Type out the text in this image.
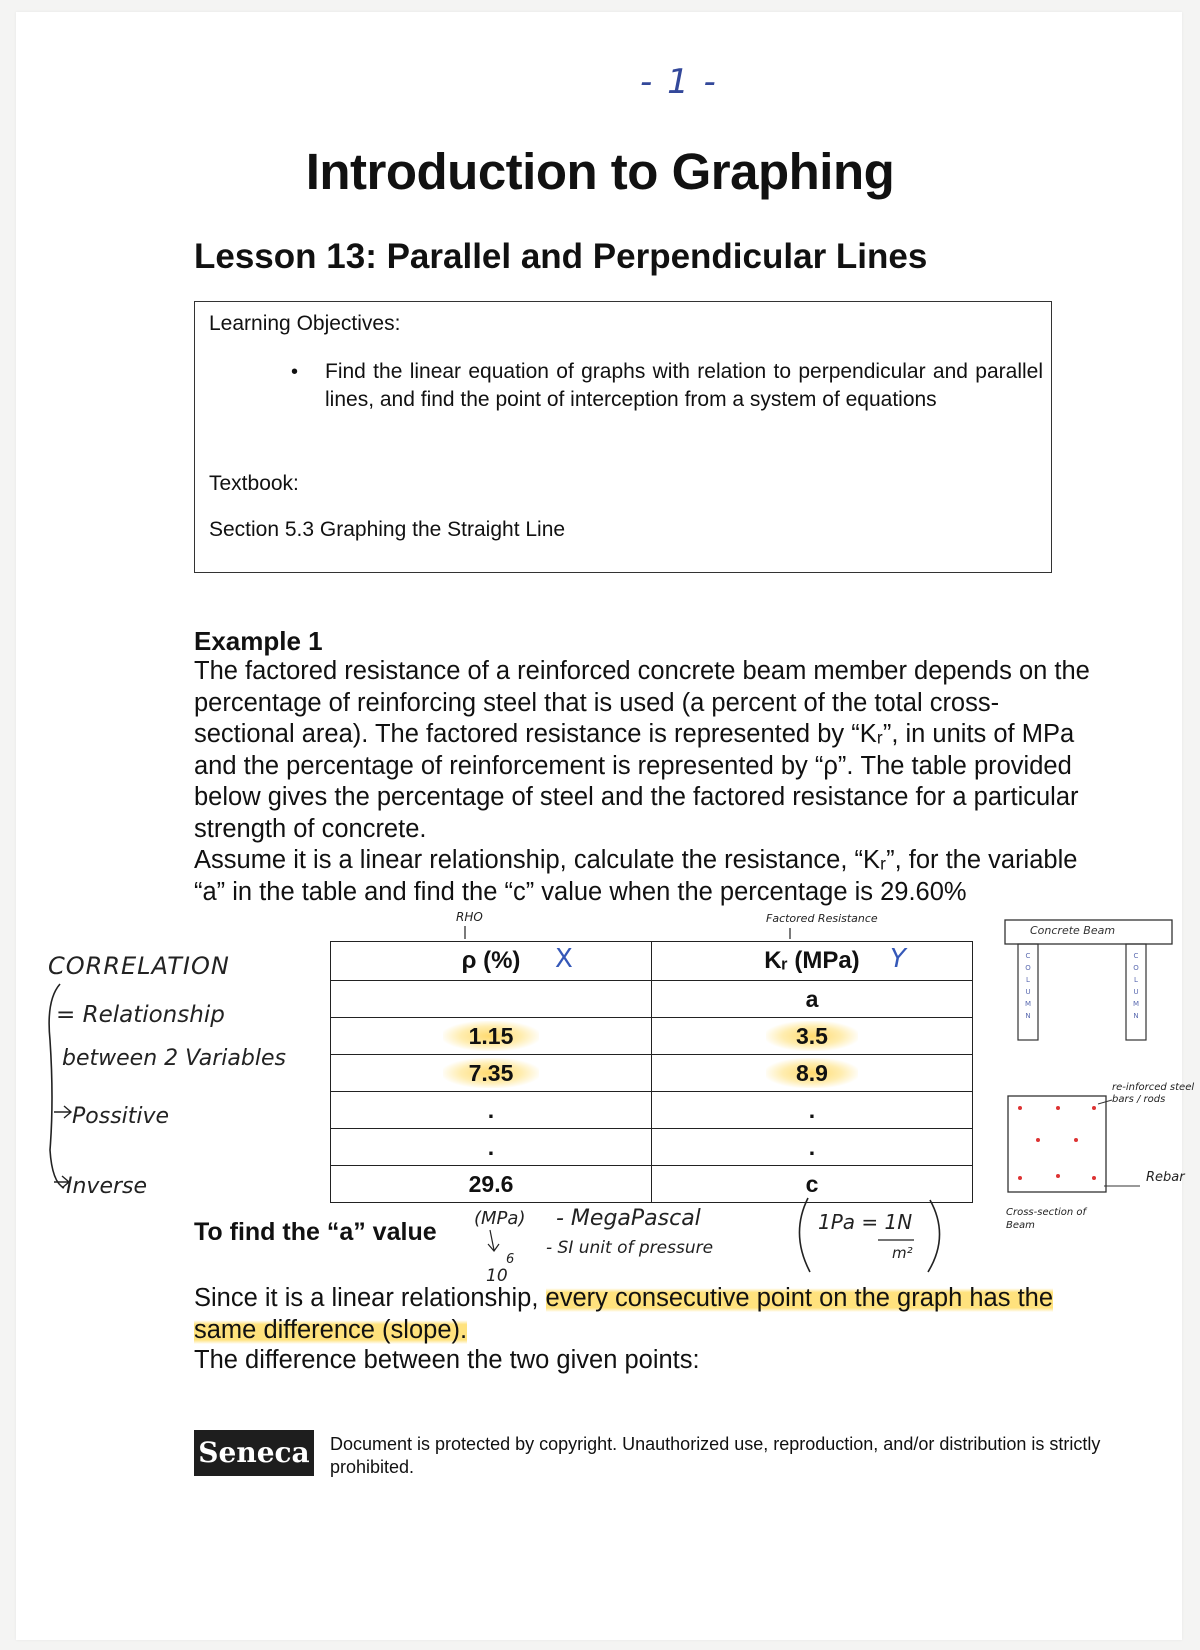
- 1 -
Introduction to Graphing
Lesson 13: Parallel and Perpendicular Lines
Learning Objectives:
• Find the linear equation of graphs with relation to perpendicular and parallel lines, and find the point of interception from a system of equations
Textbook:
Section 5.3 Graphing the Straight Line
Example 1
The factored resistance of a reinforced concrete beam member depends on the percentage of reinforcing steel that is used (a percent of the total cross-sectional area). The factored resistance is represented by “Kᵣ”, in units of MPa and the percentage of reinforcement is represented by “ρ”. The table provided below gives the percentage of steel and the factored resistance for a particular strength of concrete.
Assume it is a linear relationship, calculate the resistance, “Kᵣ”, for the variable “a” in the table and find the “c” value when the percentage is 29.60%
ρ (%)	Kᵣ (MPa)
	a
1.15	3.5
7.35	8.9
.	.
.	.
29.6	c
To find the “a” value
Since it is a linear relationship, every consecutive point on the graph has the same difference (slope).
The difference between the two given points:
Seneca Document is protected by copyright. Unauthorized use, reproduction, and/or distribution is strictly prohibited.
RHO	Factored Resistance
X	Y
CORRELATION
= Relationship
between 2 Variables
Possitive
Inverse
(MPa) - MegaPascal
- SI unit of pressure
10
6
1Pa = 1N
m²
Concrete Beam
re-inforced steel bars / rods
Rebar
Cross-section of Beam
C
O
L
U
M
N
C
O
L
U
M
N
